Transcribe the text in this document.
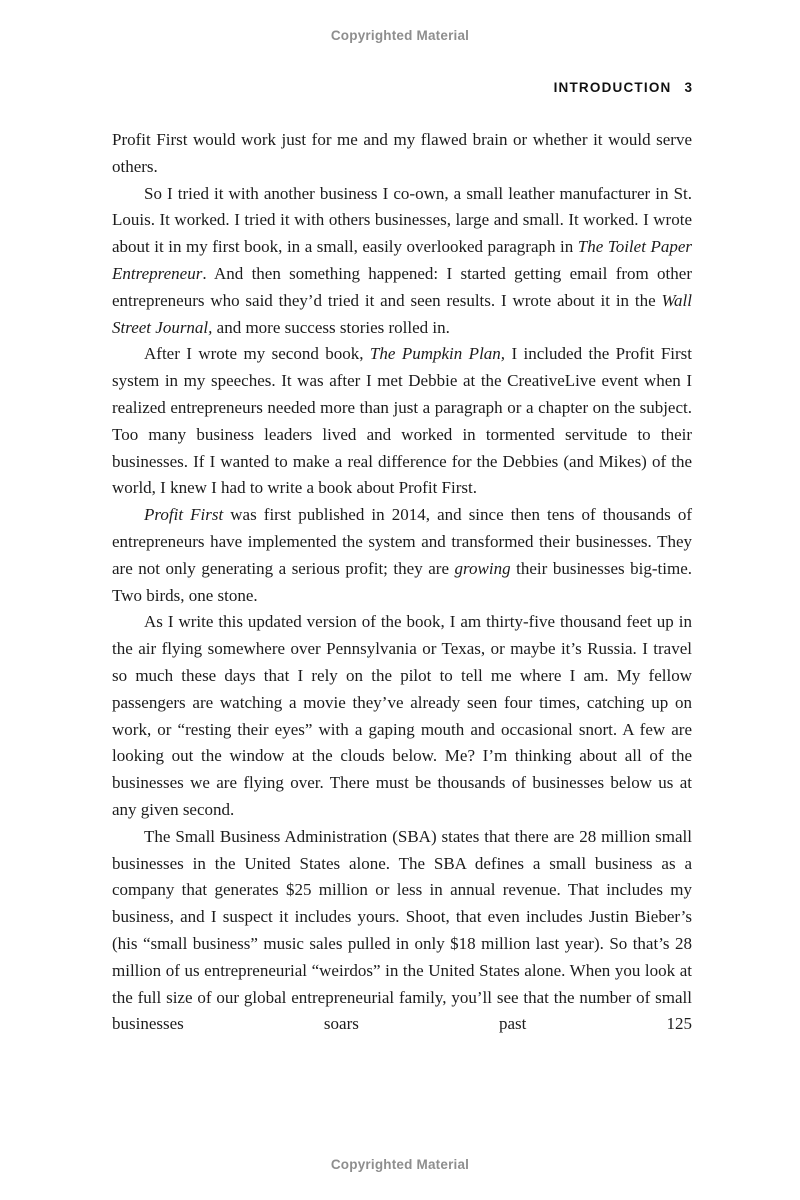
Copyrighted Material
INTRODUCTION 3

Profit First would work just for me and my flawed brain or whether it would serve others.

So I tried it with another business I co-own, a small leather manufacturer in St. Louis. It worked. I tried it with others businesses, large and small. It worked. I wrote about it in my first book, in a small, easily overlooked paragraph in The Toilet Paper Entrepreneur. And then something happened: I started getting email from other entrepreneurs who said they’d tried it and seen results. I wrote about it in the Wall Street Journal, and more success stories rolled in.

After I wrote my second book, The Pumpkin Plan, I included the Profit First system in my speeches. It was after I met Debbie at the CreativeLive event when I realized entrepreneurs needed more than just a paragraph or a chapter on the subject. Too many business leaders lived and worked in tormented servitude to their businesses. If I wanted to make a real difference for the Debbies (and Mikes) of the world, I knew I had to write a book about Profit First.

Profit First was first published in 2014, and since then tens of thousands of entrepreneurs have implemented the system and transformed their businesses. They are not only generating a serious profit; they are growing their businesses big-time. Two birds, one stone.

As I write this updated version of the book, I am thirty-five thousand feet up in the air flying somewhere over Pennsylvania or Texas, or maybe it’s Russia. I travel so much these days that I rely on the pilot to tell me where I am. My fellow passengers are watching a movie they’ve already seen four times, catching up on work, or “resting their eyes” with a gaping mouth and occasional snort. A few are looking out the window at the clouds below. Me? I’m thinking about all of the businesses we are flying over. There must be thousands of businesses below us at any given second.

The Small Business Administration (SBA) states that there are 28 million small businesses in the United States alone. The SBA defines a small business as a company that generates $25 million or less in annual revenue. That includes my business, and I suspect it includes yours. Shoot, that even includes Justin Bieber’s (his “small business” music sales pulled in only $18 million last year). So that’s 28 million of us entrepreneurial “weirdos” in the United States alone. When you look at the full size of our global entrepreneurial family, you’ll see that the number of small businesses soars past 125

Copyrighted Material
